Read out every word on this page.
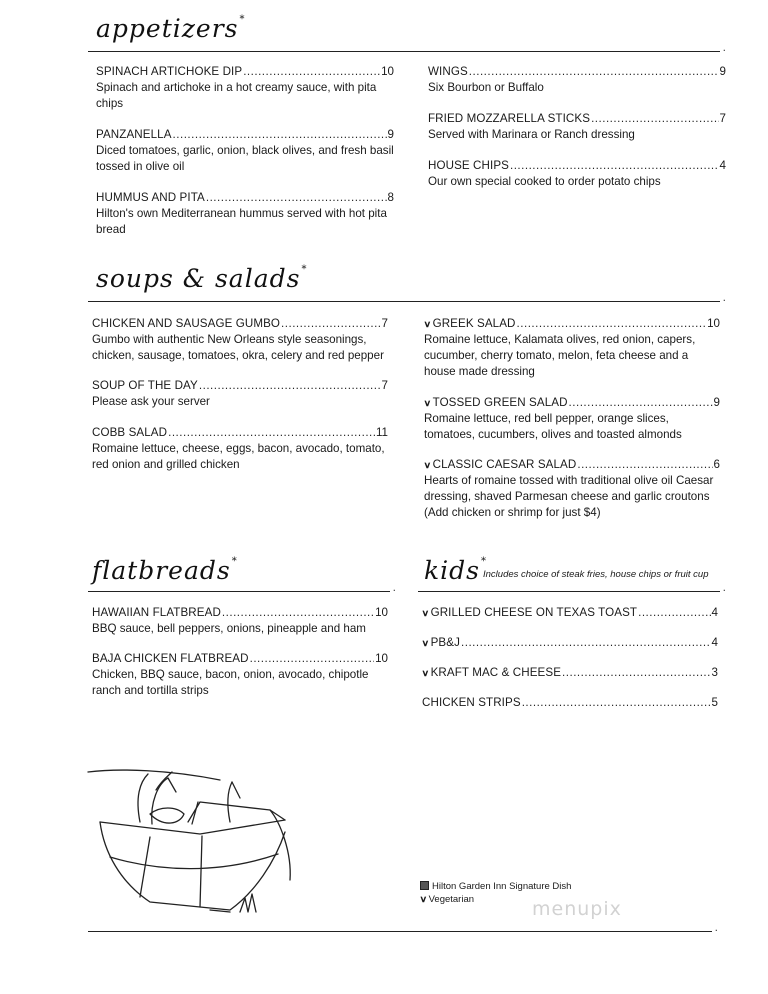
appetizers*
.
SPINACH ARTICHOKE DIP .....	10
Spinach and artichoke in a hot creamy sauce, with pita chips
PANZANELLA .....	9
Diced tomatoes, garlic, onion, black olives, and fresh basil tossed in olive oil
HUMMUS AND PITA .....	8
Hilton's own Mediterranean hummus served with hot pita bread
WINGS .....	9
Six Bourbon or Buffalo
FRIED MOZZARELLA STICKS .....	7
Served with Marinara or Ranch dressing
HOUSE CHIPS .....	4
Our own special cooked to order potato chips
soups & salads*
.
CHICKEN AND SAUSAGE GUMBO .....	7
Gumbo with authentic New Orleans style seasonings, chicken, sausage, tomatoes, okra, celery and red pepper
SOUP OF THE DAY .....	7
Please ask your server
COBB SALAD .....	11
Romaine lettuce, cheese, eggs, bacon, avocado, tomato, red onion and grilled chicken
∨ GREEK SALAD .....	10
Romaine lettuce, Kalamata olives, red onion, capers, cucumber, cherry tomato, melon, feta cheese and a house made dressing
∨ TOSSED GREEN SALAD .....	9
Romaine lettuce, red bell pepper, orange slices, tomatoes, cucumbers, olives and toasted almonds
∨ CLASSIC CAESAR SALAD .....	6
Hearts of romaine tossed with traditional olive oil Caesar dressing, shaved Parmesan cheese and garlic croutons (Add chicken or shrimp for just $4)
flatbreads*
.
HAWAIIAN FLATBREAD .....	10
BBQ sauce, bell peppers, onions, pineapple and ham
BAJA CHICKEN FLATBREAD .....	10
Chicken, BBQ sauce, bacon, onion, avocado, chipotle ranch and tortilla strips
kids*
Includes choice of steak fries, house chips or fruit cup
.
∨ GRILLED CHEESE ON TEXAS TOAST .....	4
∨ PB&J .....	4
∨ KRAFT MAC & CHEESE .....	3
CHICKEN STRIPS .....	5
Hilton Garden Inn Signature Dish
∨Vegetarian	menupix
.
